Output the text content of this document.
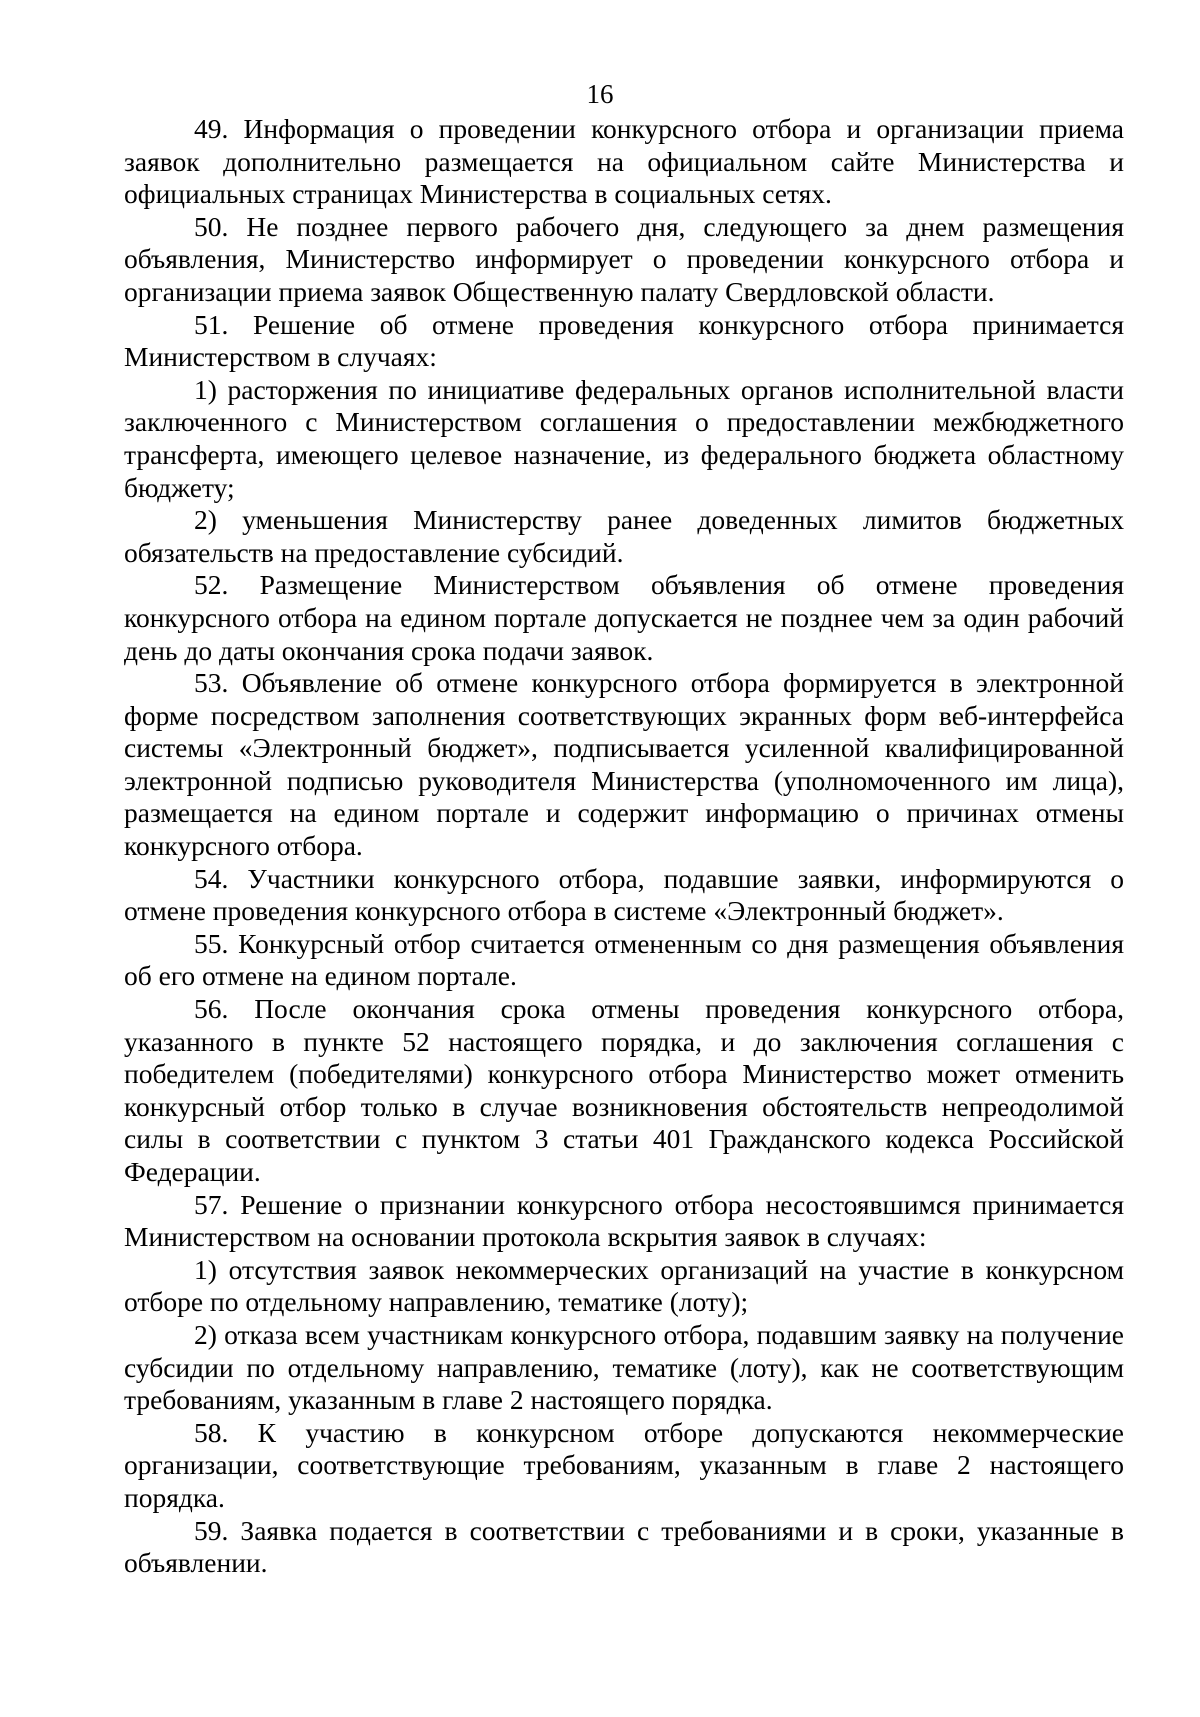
16

49. Информация о проведении конкурсного отбора и организации приема заявок дополнительно размещается на официальном сайте Министерства и официальных страницах Министерства в социальных сетях.

50. Не позднее первого рабочего дня, следующего за днем размещения объявления, Министерство информирует о проведении конкурсного отбора и организации приема заявок Общественную палату Свердловской области.

51. Решение об отмене проведения конкурсного отбора принимается Министерством в случаях:

1) расторжения по инициативе федеральных органов исполнительной власти заключенного с Министерством соглашения о предоставлении межбюджетного трансферта, имеющего целевое назначение, из федерального бюджета областному бюджету;

2) уменьшения Министерству ранее доведенных лимитов бюджетных обязательств на предоставление субсидий.

52. Размещение Министерством объявления об отмене проведения конкурсного отбора на едином портале допускается не позднее чем за один рабочий день до даты окончания срока подачи заявок.

53. Объявление об отмене конкурсного отбора формируется в электронной форме посредством заполнения соответствующих экранных форм веб-интерфейса системы «Электронный бюджет», подписывается усиленной квалифицированной электронной подписью руководителя Министерства (уполномоченного им лица), размещается на едином портале и содержит информацию о причинах отмены конкурсного отбора.

54. Участники конкурсного отбора, подавшие заявки, информируются о отмене проведения конкурсного отбора в системе «Электронный бюджет».

55. Конкурсный отбор считается отмененным со дня размещения объявления об его отмене на едином портале.

56. После окончания срока отмены проведения конкурсного отбора, указанного в пункте 52 настоящего порядка, и до заключения соглашения с победителем (победителями) конкурсного отбора Министерство может отменить конкурсный отбор только в случае возникновения обстоятельств непреодолимой силы в соответствии с пунктом 3 статьи 401 Гражданского кодекса Российской Федерации.

57. Решение о признании конкурсного отбора несостоявшимся принимается Министерством на основании протокола вскрытия заявок в случаях:

1) отсутствия заявок некоммерческих организаций на участие в конкурсном отборе по отдельному направлению, тематике (лоту);

2) отказа всем участникам конкурсного отбора, подавшим заявку на получение субсидии по отдельному направлению, тематике (лоту), как не соответствующим требованиям, указанным в главе 2 настоящего порядка.

58. К участию в конкурсном отборе допускаются некоммерческие организации, соответствующие требованиям, указанным в главе 2 настоящего порядка.

59. Заявка подается в соответствии с требованиями и в сроки, указанные в объявлении.
